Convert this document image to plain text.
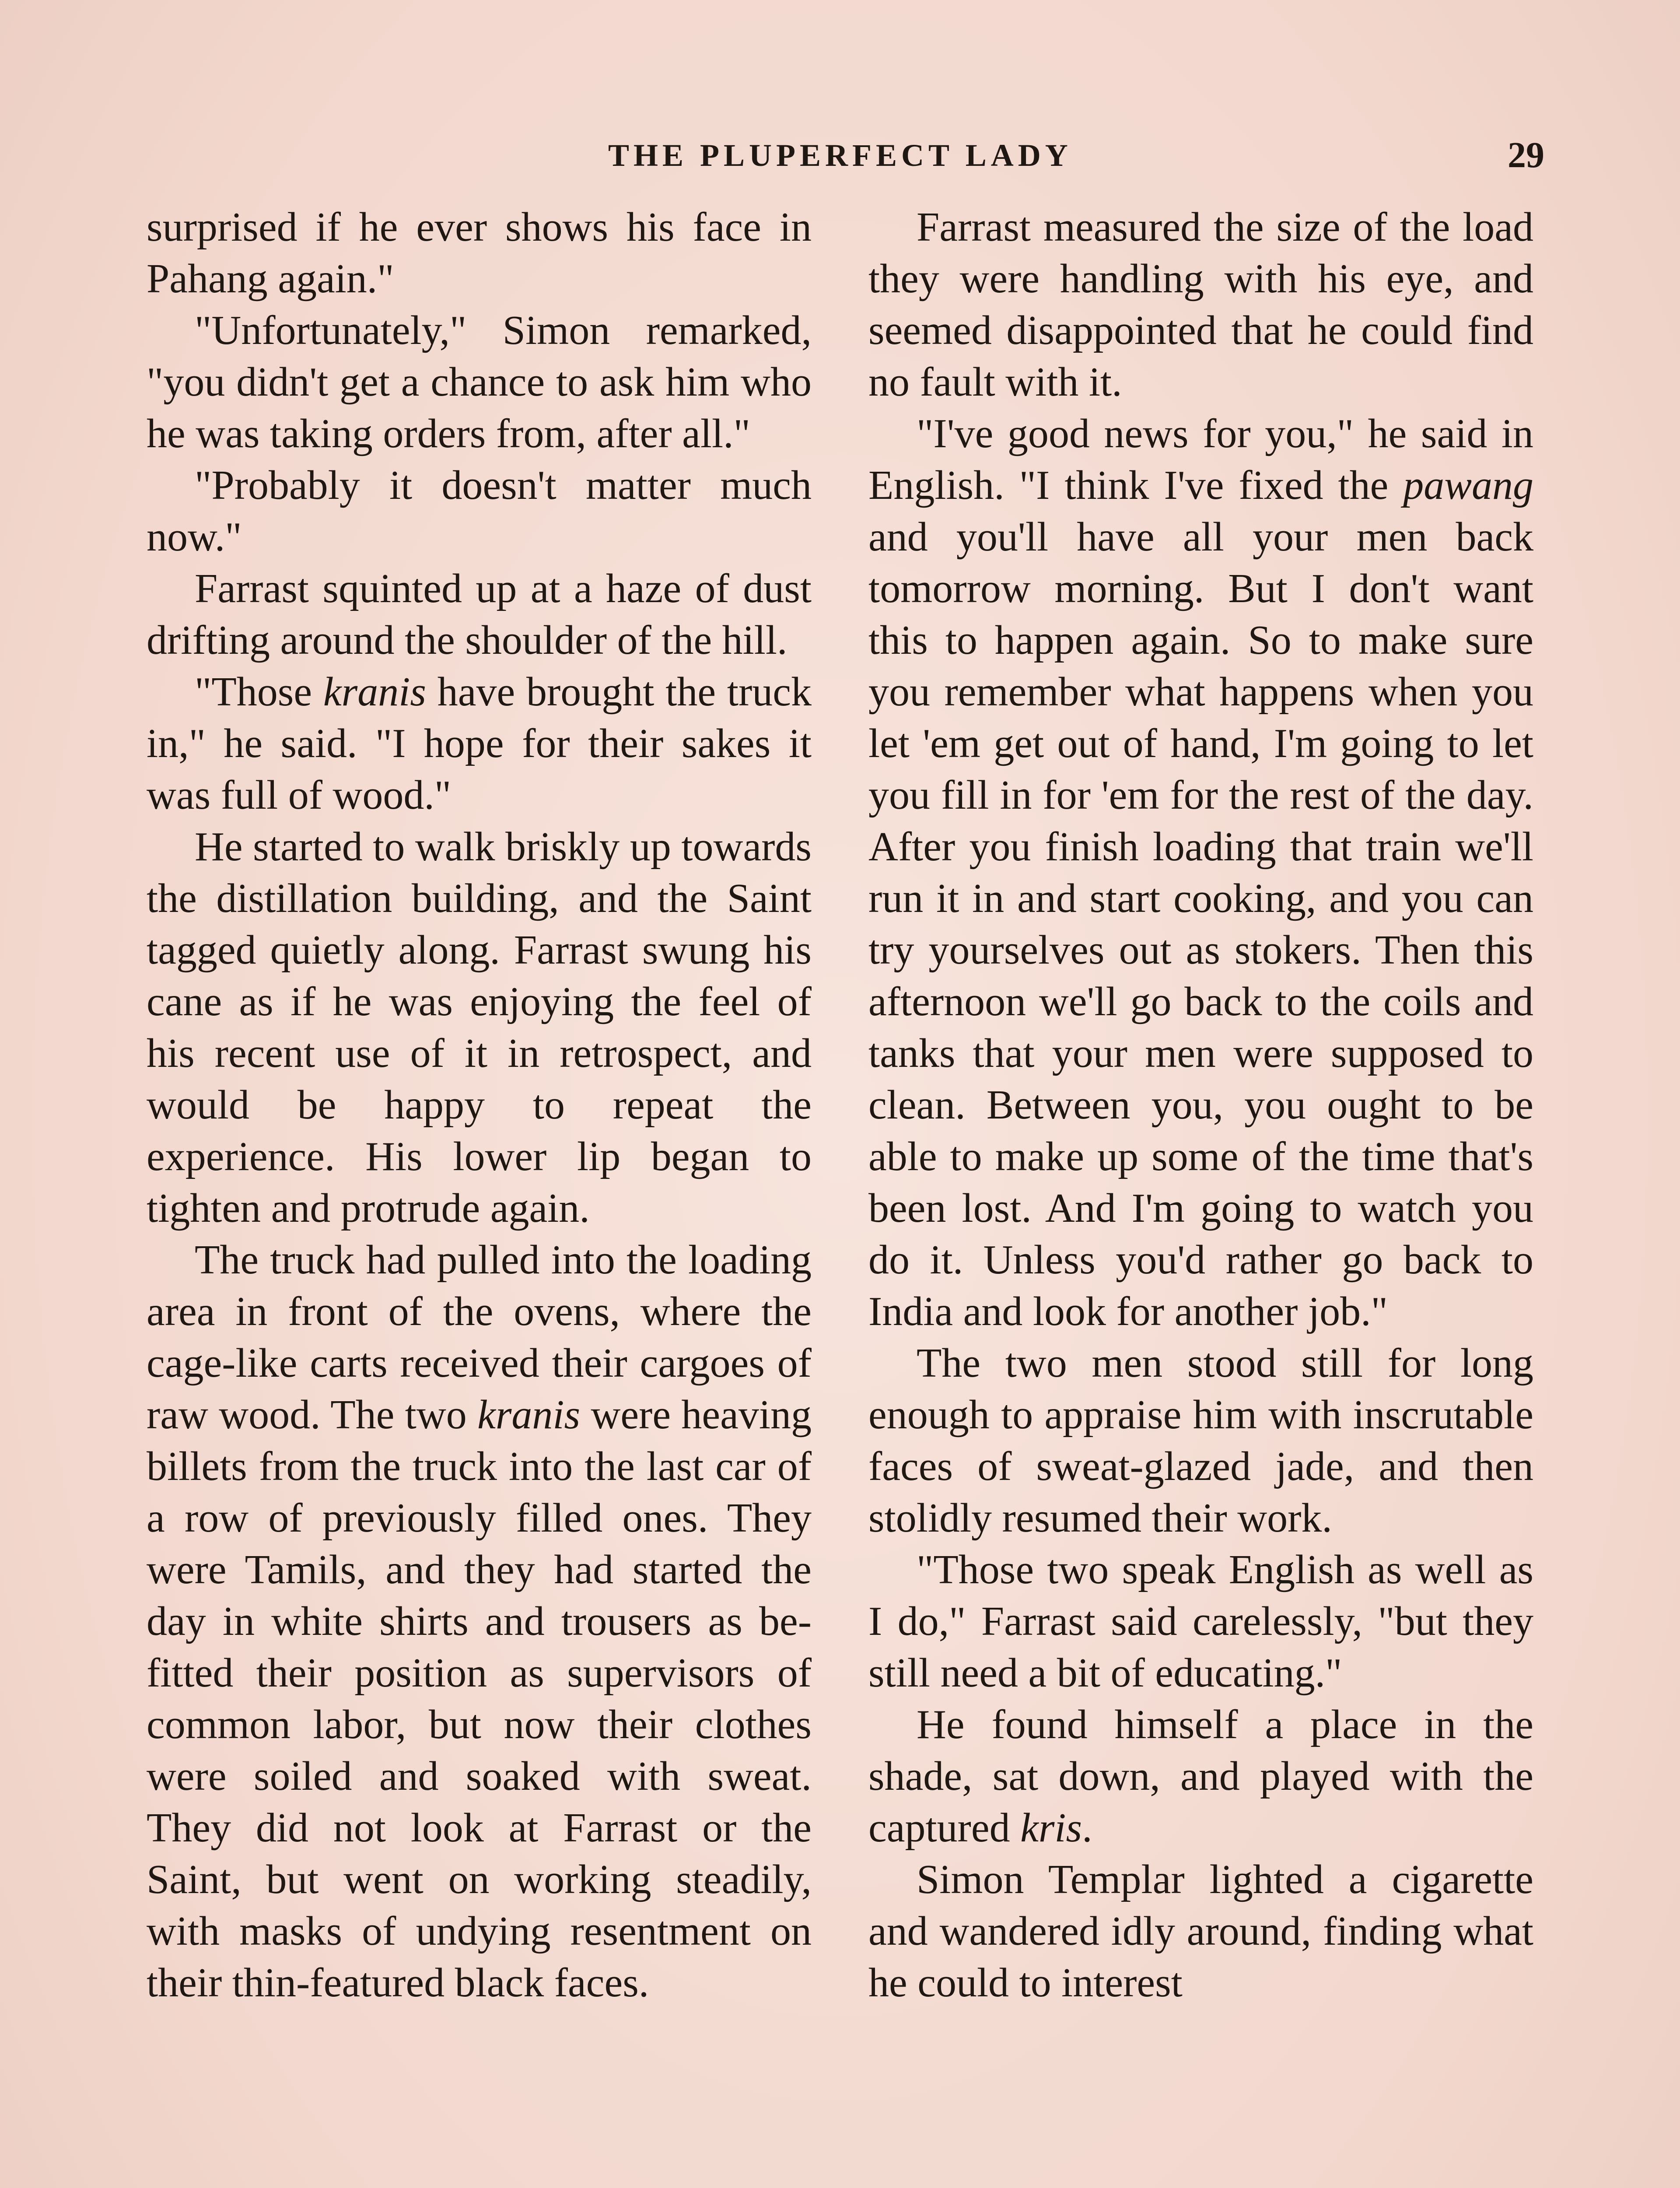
THE PLUPERFECT LADY	29

surprised if he ever shows his face in Pahang again."

"Unfortunately," Simon remarked, "you didn't get a chance to ask him who he was taking orders from, after all."

"Probably it doesn't matter much now."

Farrast squinted up at a haze of dust drifting around the shoulder of the hill.

"Those kranis have brought the truck in," he said. "I hope for their sakes it was full of wood."

He started to walk briskly up towards the distillation building, and the Saint tagged quietly along. Farrast swung his cane as if he was enjoying the feel of his recent use of it in retrospect, and would be happy to repeat the experience. His lower lip began to tighten and protrude again.

The truck had pulled into the loading area in front of the ovens, where the cage-like carts received their cargoes of raw wood. The two kranis were heaving billets from the truck into the last car of a row of previously filled ones. They were Tamils, and they had started the day in white shirts and trousers as befitted their position as supervisors of common labor, but now their clothes were soiled and soaked with sweat. They did not look at Farrast or the Saint, but went on working steadily, with masks of undying resentment on their thin-featured black faces.

Farrast measured the size of the load they were handling with his eye, and seemed disappointed that he could find no fault with it.

"I've good news for you," he said in English. "I think I've fixed the pawang and you'll have all your men back tomorrow morning. But I don't want this to happen again. So to make sure you remember what happens when you let 'em get out of hand, I'm going to let you fill in for 'em for the rest of the day. After you finish loading that train we'll run it in and start cooking, and you can try yourselves out as stokers. Then this afternoon we'll go back to the coils and tanks that your men were supposed to clean. Between you, you ought to be able to make up some of the time that's been lost. And I'm going to watch you do it. Unless you'd rather go back to India and look for another job."

The two men stood still for long enough to appraise him with inscrutable faces of sweat-glazed jade, and then stolidly resumed their work.

"Those two speak English as well as I do," Farrast said carelessly, "but they still need a bit of educating."

He found himself a place in the shade, sat down, and played with the captured kris.

Simon Templar lighted a cigarette and wandered idly around, finding what he could to interest
